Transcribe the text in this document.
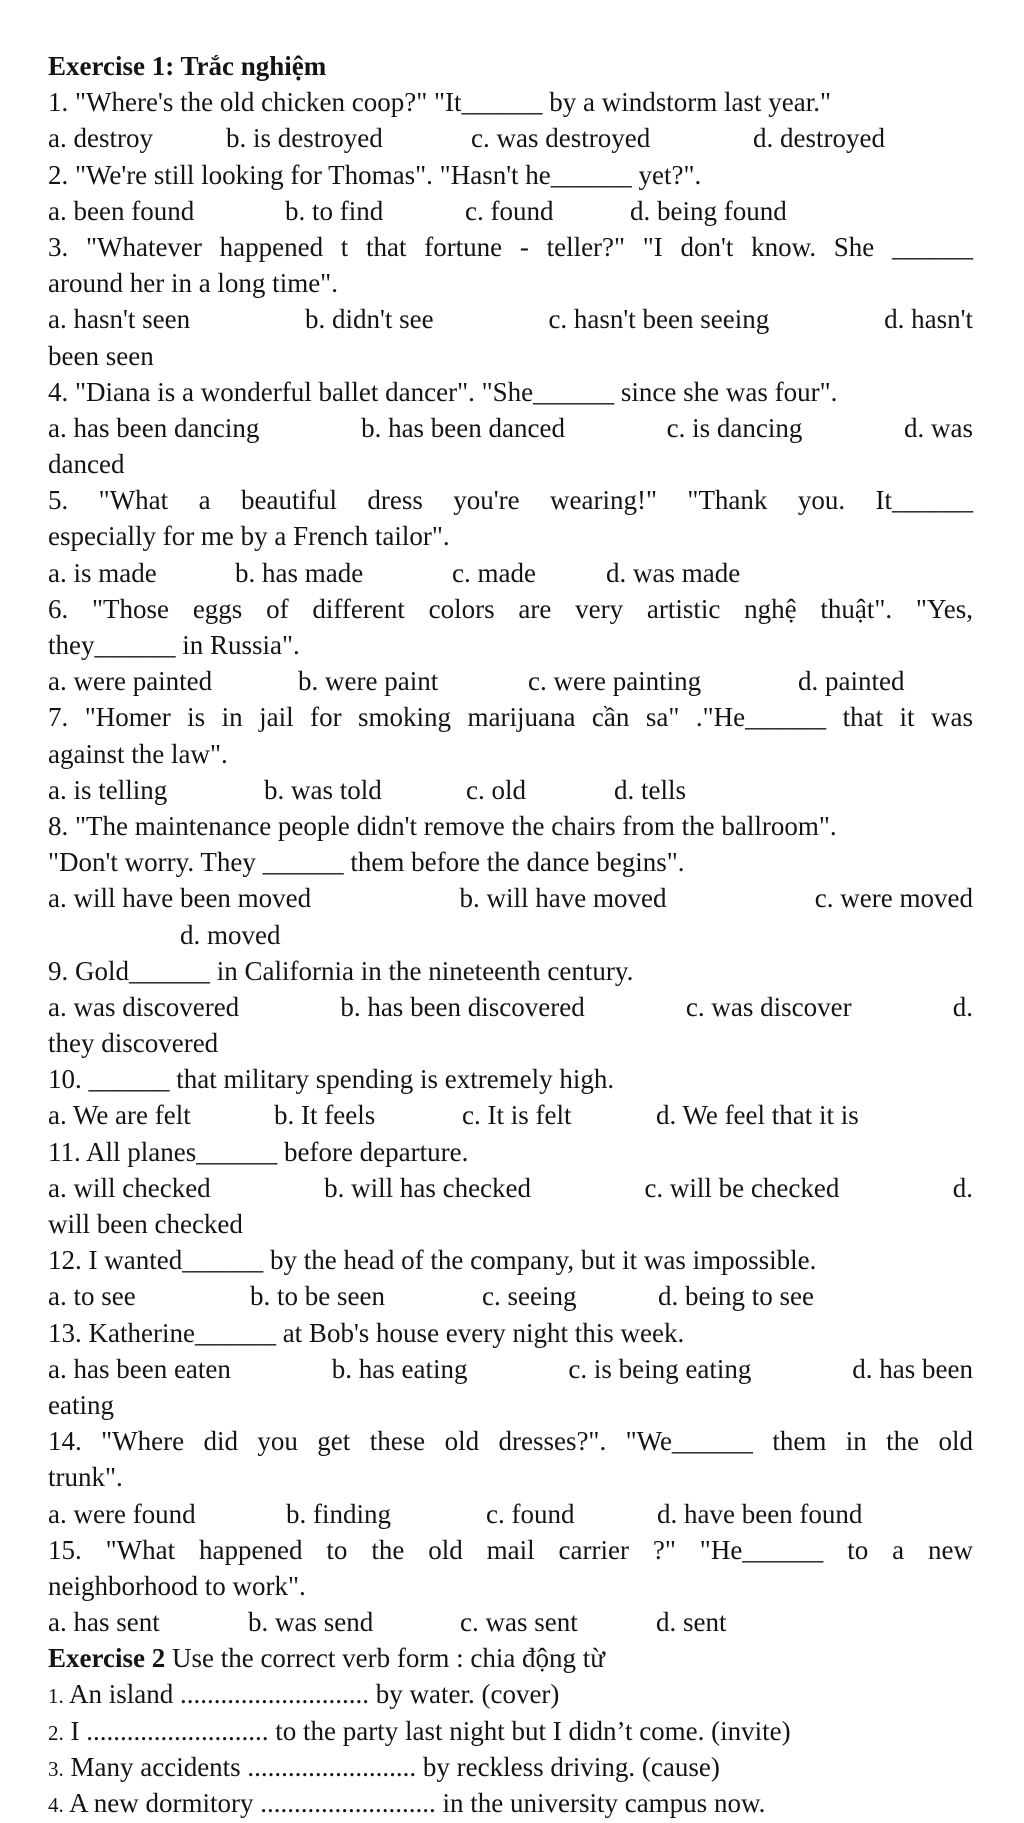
Exercise 1: Trắc nghiệm
1. "Where's the old chicken coop?" "It______ by a windstorm last year."
a. destroy	b. is destroyed	c. was destroyed	d. destroyed
2. "We're still looking for Thomas". "Hasn't he______ yet?".
a. been found	b. to find	c. found	d. being found
3. "Whatever happened t that fortune - teller?" "I don't know. She ______
around her in a long time".
a. hasn't seen	b. didn't see	c. hasn't been seeing	d. hasn't
been seen
4. "Diana is a wonderful ballet dancer". "She______ since she was four".
a. has been dancing	b. has been danced	c. is dancing	d. was
danced
5. "What a beautiful dress you're wearing!" "Thank you. It______
especially for me by a French tailor".
a. is made	b. has made	c. made	d. was made
6. "Those eggs of different colors are very artistic nghệ thuật". "Yes,
they______ in Russia".
a. were painted	b. were paint	c. were painting	d. painted
7. "Homer is in jail for smoking marijuana cần sa" ."He______ that it was
against the law".
a. is telling	b. was told	c. old	d. tells
8. "The maintenance people didn't remove the chairs from the ballroom".
"Don't worry. They ______ them before the dance begins".
a. will have been moved	b. will have moved	c. were moved
d. moved
9. Gold______ in California in the nineteenth century.
a. was discovered	b. has been discovered	c. was discover	d.
they discovered
10. ______ that military spending is extremely high.
a. We are felt	b. It feels	c. It is felt	d. We feel that it is
11. All planes______ before departure.
a. will checked	b. will has checked	c. will be checked	d.
will been checked
12. I wanted______ by the head of the company, but it was impossible.
a. to see	b. to be seen	c. seeing	d. being to see
13. Katherine______ at Bob's house every night this week.
a. has been eaten	b. has eating	c. is being eating	d. has been
eating
14. "Where did you get these old dresses?". "We______ them in the old
trunk".
a. were found	b. finding	c. found	d. have been found
15. "What happened to the old mail carrier ?" "He______ to a new
neighborhood to work".
a. has sent	b. was send	c. was sent	d. sent
Exercise 2 Use the correct verb form : chia động từ
1. An island ............................ by water. (cover)
2. I ........................... to the party last night but I didn’t come. (invite)
3. Many accidents ......................... by reckless driving. (cause)
4. A new dormitory .......................... in the university campus now.
